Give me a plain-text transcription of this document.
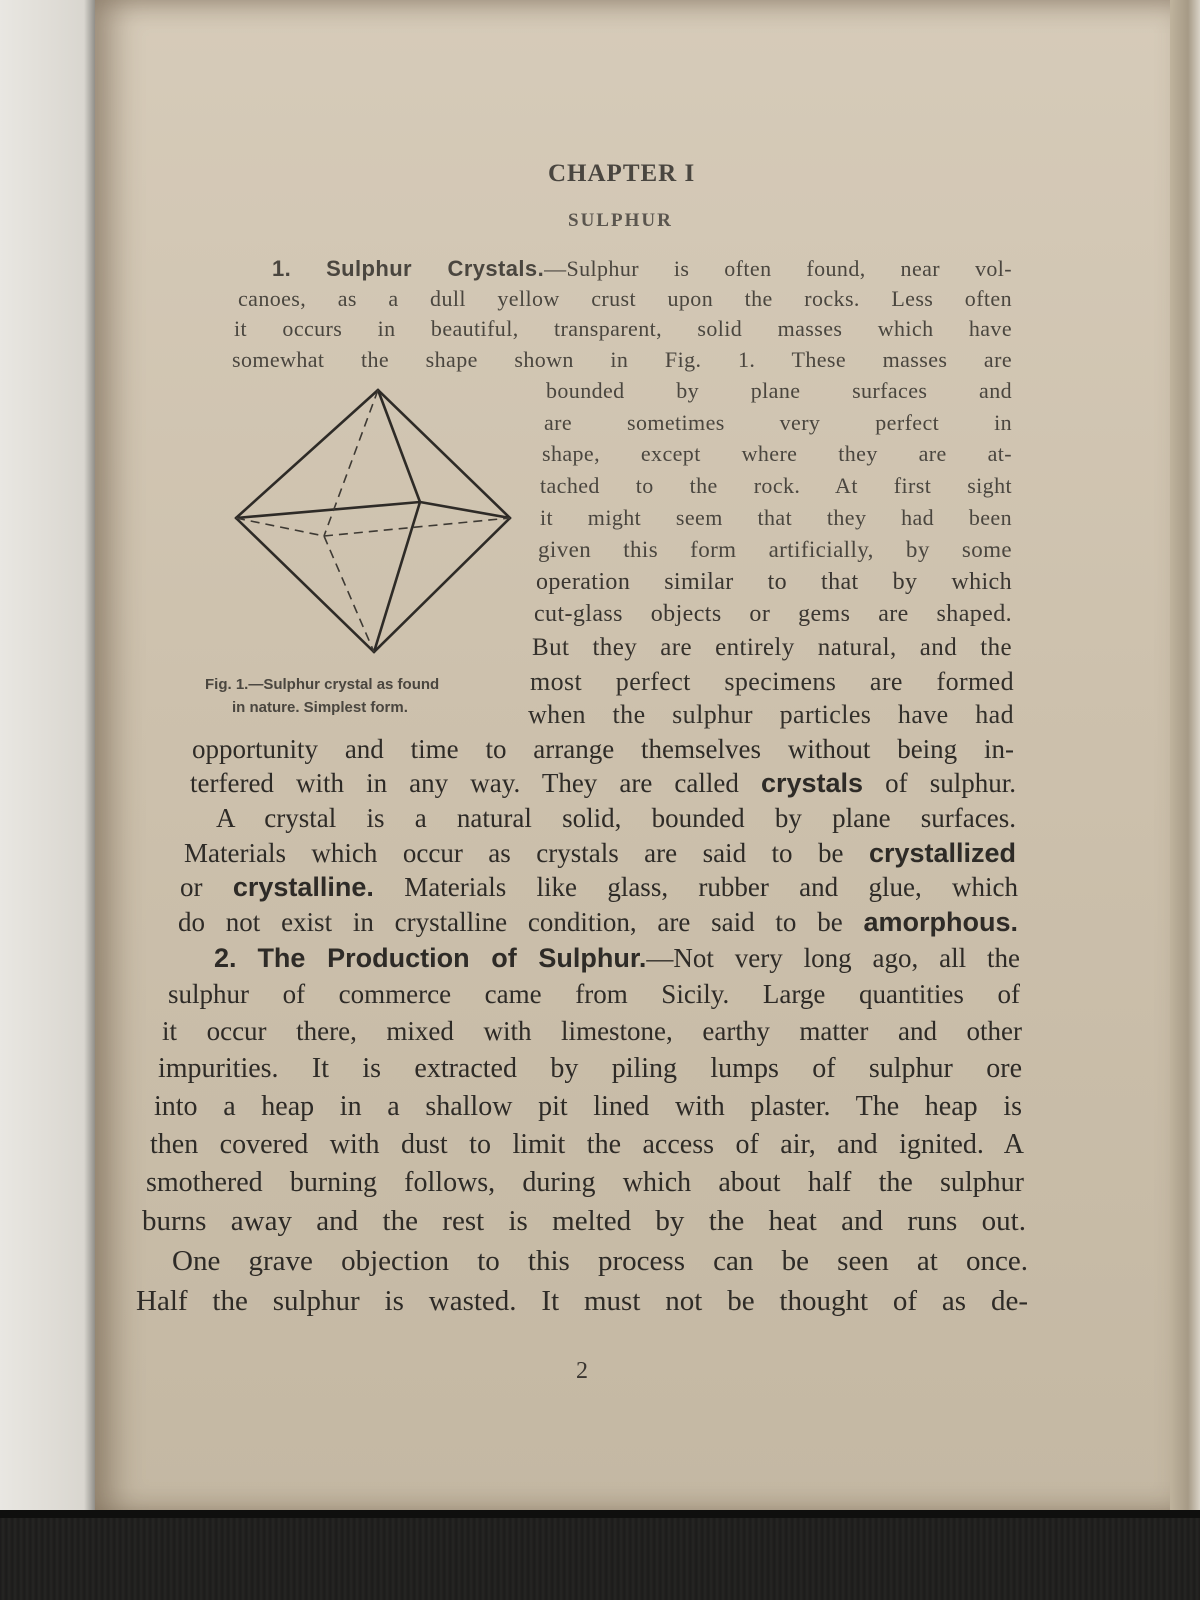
CHAPTER I
SULPHUR
1. Sulphur Crystals.—Sulphur is often found, near vol-
canoes, as a dull yellow crust upon the rocks. Less often
it occurs in beautiful, transparent, solid masses which have
somewhat the shape shown in Fig. 1. These masses are
bounded by plane surfaces and
are sometimes very perfect in
shape, except where they are at-
tached to the rock. At first sight
it might seem that they had been
given this form artificially, by some
operation similar to that by which
cut-glass objects or gems are shaped.
But they are entirely natural, and the
most perfect specimens are formed
when the sulphur particles have had
opportunity and time to arrange themselves without being in-
terfered with in any way. They are called crystals of sulphur.
A crystal is a natural solid, bounded by plane surfaces.
Materials which occur as crystals are said to be crystallized
or crystalline. Materials like glass, rubber and glue, which
do not exist in crystalline condition, are said to be amorphous.
Fig. 1.—Sulphur crystal as found
in nature. Simplest form.
2. The Production of Sulphur.—Not very long ago, all the
sulphur of commerce came from Sicily. Large quantities of
it occur there, mixed with limestone, earthy matter and other
impurities. It is extracted by piling lumps of sulphur ore
into a heap in a shallow pit lined with plaster. The heap is
then covered with dust to limit the access of air, and ignited. A
smothered burning follows, during which about half the sulphur
burns away and the rest is melted by the heat and runs out.
One grave objection to this process can be seen at once.
Half the sulphur is wasted. It must not be thought of as de-
2
